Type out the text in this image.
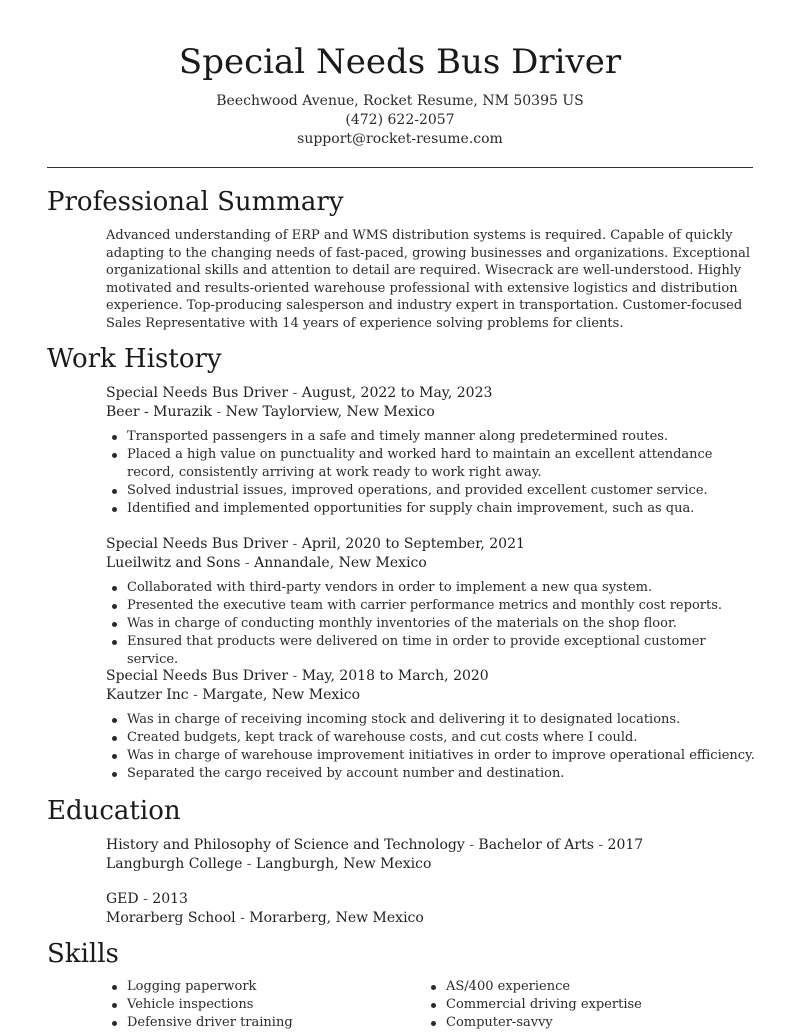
Special Needs Bus Driver

Beechwood Avenue, Rocket Resume, NM 50395 US

(472) 622-2057

support@rocket-resume.com

Professional Summary

Advanced understanding of ERP and WMS distribution systems is required. Capable of quickly adapting to the changing needs of fast-paced, growing businesses and organizations. Exceptional organizational skills and attention to detail are required. Wisecrack are well-understood. Highly motivated and results-oriented warehouse professional with extensive logistics and distribution experience. Top-producing salesperson and industry expert in transportation. Customer-focused Sales Representative with 14 years of experience solving problems for clients.

Work History

Special Needs Bus Driver - August, 2022 to May, 2023

Beer - Murazik - New Taylorview, New Mexico

Transported passengers in a safe and timely manner along predetermined routes.
Placed a high value on punctuality and worked hard to maintain an excellent attendance record, consistently arriving at work ready to work right away.
Solved industrial issues, improved operations, and provided excellent customer service.
Identified and implemented opportunities for supply chain improvement, such as qua.

Special Needs Bus Driver - April, 2020 to September, 2021

Lueilwitz and Sons - Annandale, New Mexico

Collaborated with third-party vendors in order to implement a new qua system.
Presented the executive team with carrier performance metrics and monthly cost reports.
Was in charge of conducting monthly inventories of the materials on the shop floor.
Ensured that products were delivered on time in order to provide exceptional customer service.

Special Needs Bus Driver - May, 2018 to March, 2020

Kautzer Inc - Margate, New Mexico

Was in charge of receiving incoming stock and delivering it to designated locations.
Created budgets, kept track of warehouse costs, and cut costs where I could.
Was in charge of warehouse improvement initiatives in order to improve operational efficiency.
Separated the cargo received by account number and destination.
Education

History and Philosophy of Science and Technology - Bachelor of Arts - 2017

Langburgh College - Langburgh, New Mexico

GED - 2013

Morarberg School - Morarberg, New Mexico

Skills
Logging paperwork
Vehicle inspections
Defensive driver training
AS/400 experience
Commercial driving expertise
Computer-savvy
